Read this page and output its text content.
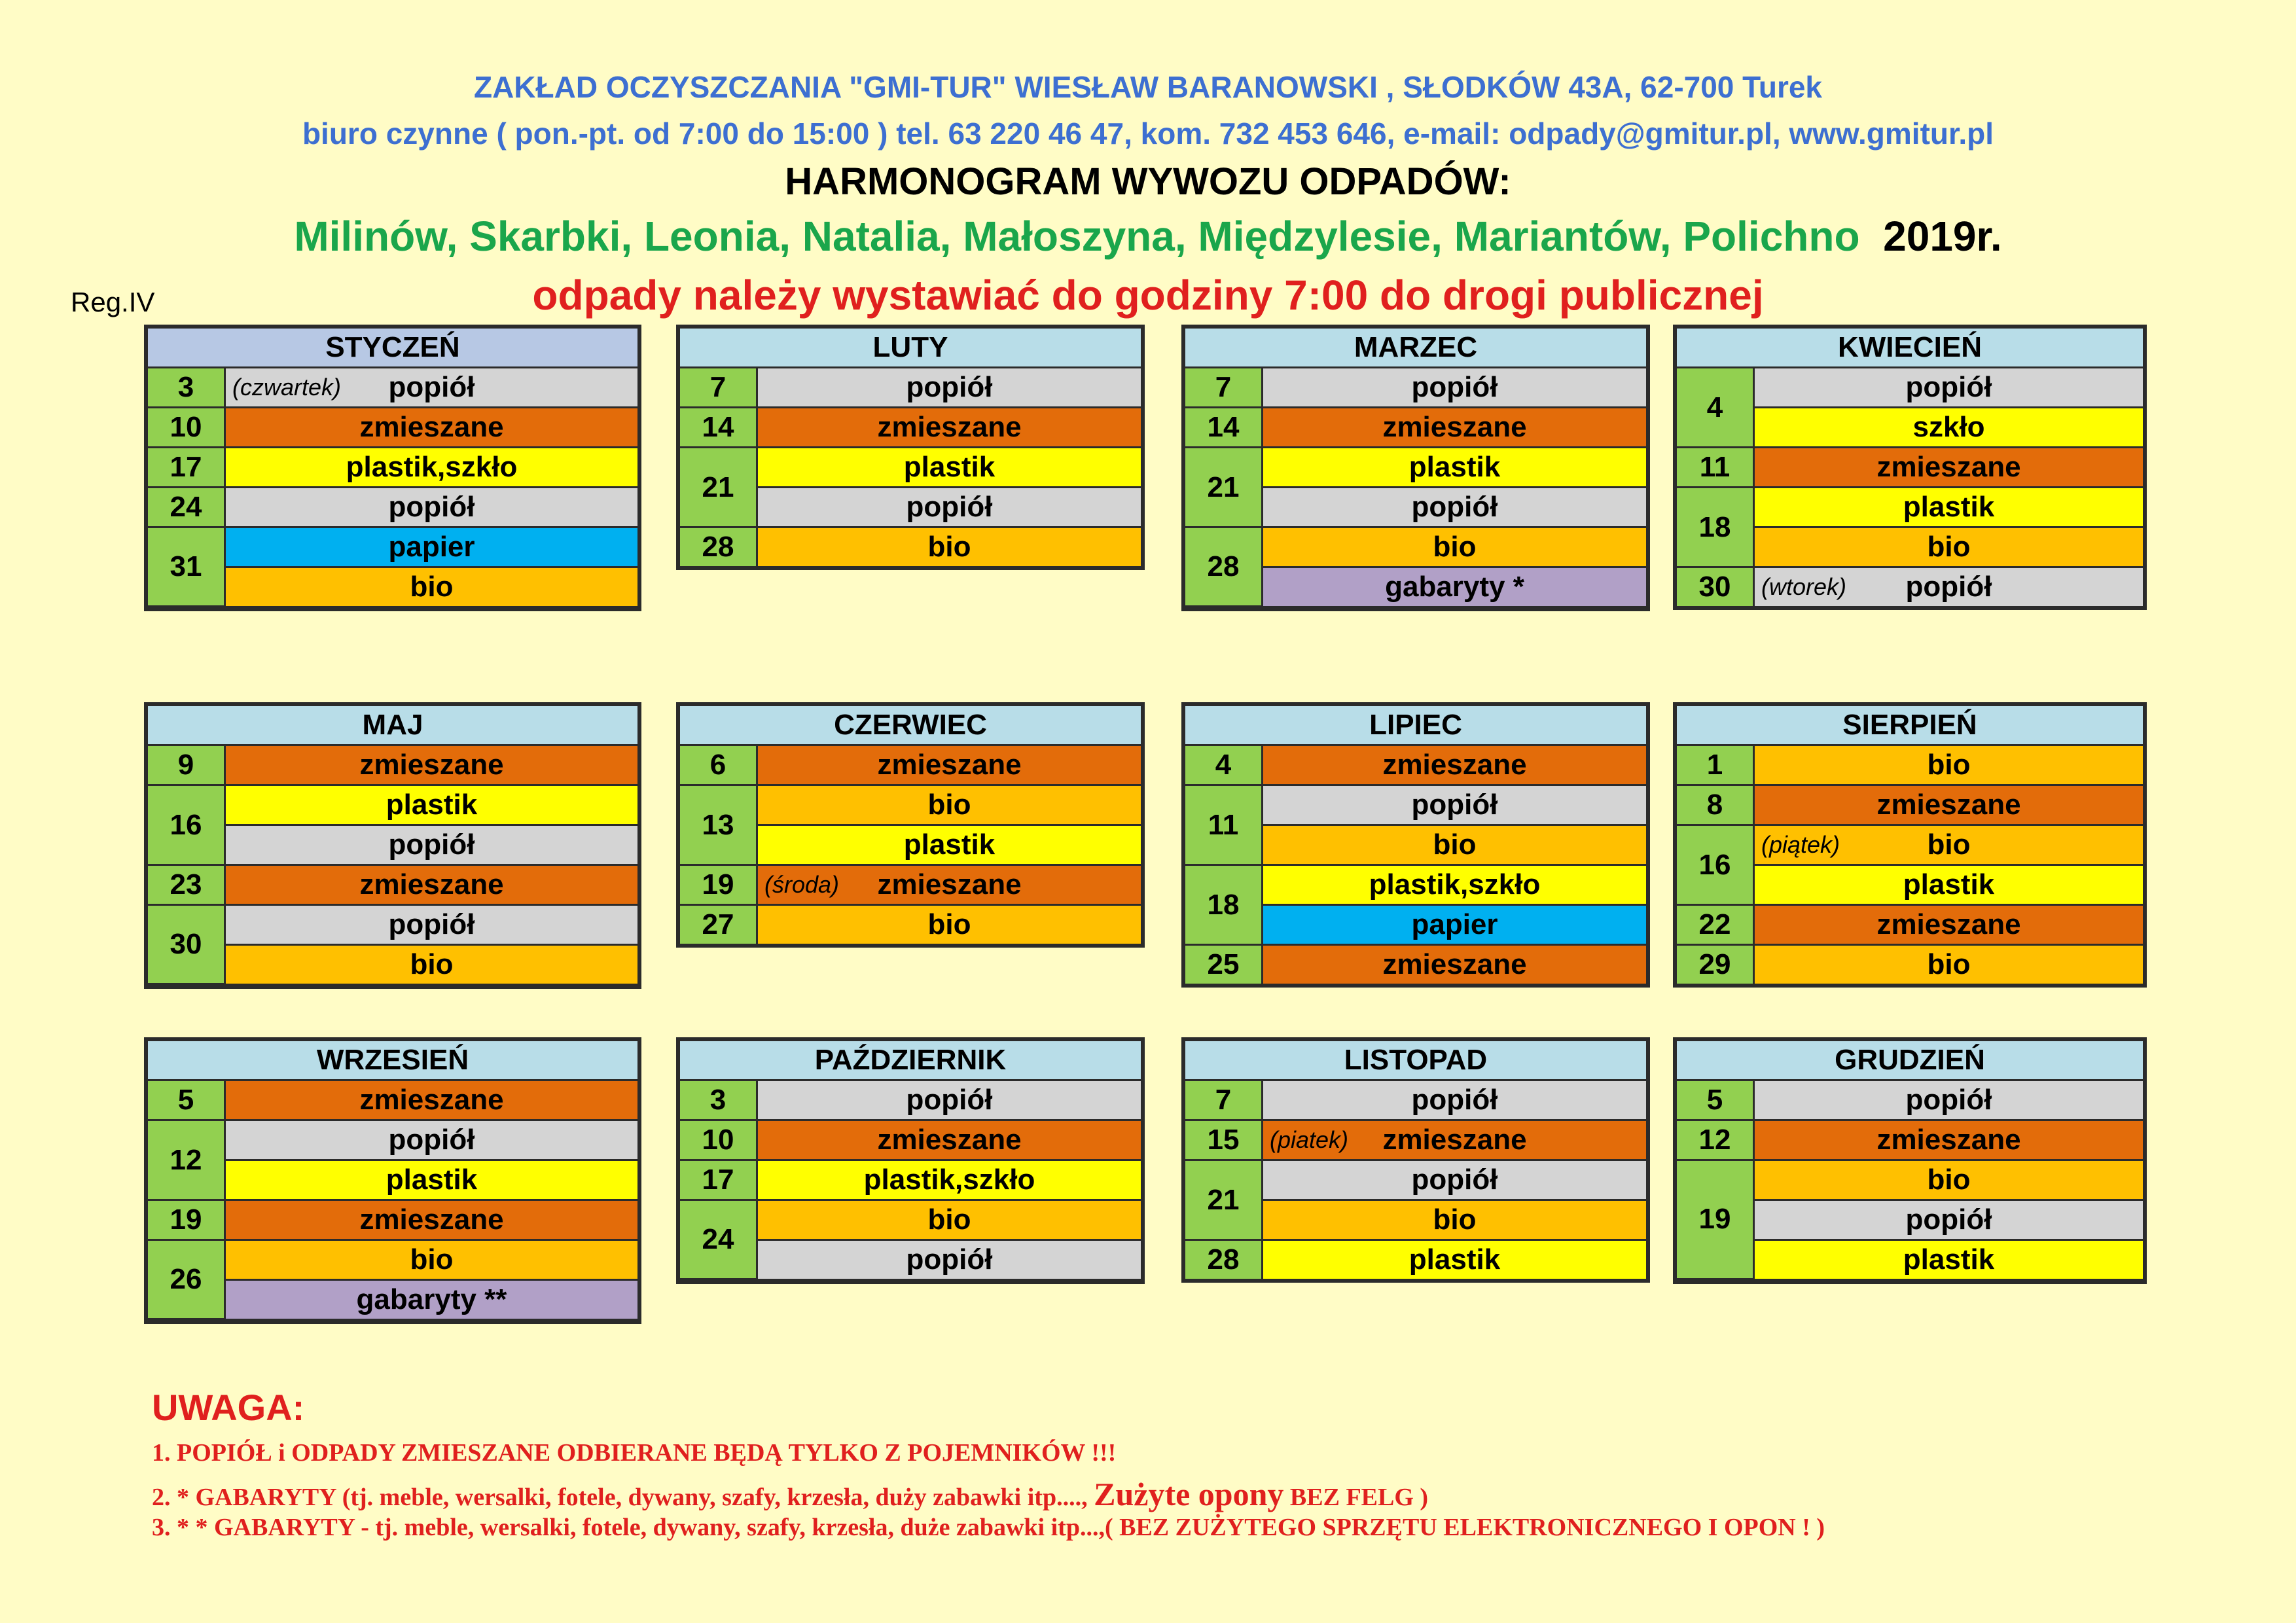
ZAKŁAD OCZYSZCZANIA "GMI-TUR" WIESŁAW BARANOWSKI , SŁODKÓW 43A, 62-700 Turek
biuro czynne ( pon.-pt. od 7:00 do 15:00 ) tel. 63 220 46 47, kom. 732 453 646, e-mail: odpady@gmitur.pl, www.gmitur.pl
HARMONOGRAM WYWOZU ODPADÓW:
Milinów, Skarbki, Leonia, Natalia, Małoszyna, Międzylesie, Mariantów, Polichno 2019r.
odpady należy wystawiać do godziny 7:00 do drogi publicznej
Reg.IV
STYCZEŃ
3	(czwartek) popiół
10	zmieszane
17	plastik,szkło
24	popiół
31	papier
	bio
LUTY
7	popiół
14	zmieszane
21	plastik
	popiół
28	bio
MARZEC
7	popiół
14	zmieszane
21	plastik
	popiół
28	bio
	gabaryty *
KWIECIEŃ
4	popiół
	szkło
11	zmieszane
18	plastik
	bio
30	(wtorek) popiół
MAJ
9	zmieszane
16	plastik
	popiół
23	zmieszane
30	popiół
	bio
CZERWIEC
6	zmieszane
13	bio
	plastik
19	(środa) zmieszane
27	bio
LIPIEC
4	zmieszane
11	popiół
	bio
18	plastik,szkło
	papier
25	zmieszane
SIERPIEŃ
1	bio
8	zmieszane
16	(piątek) bio
	plastik
22	zmieszane
29	bio
WRZESIEŃ
5	zmieszane
12	popiół
	plastik
19	zmieszane
26	bio
	gabaryty **
PAŹDZIERNIK
3	popiół
10	zmieszane
17	plastik,szkło
24	bio
	popiół
LISTOPAD
7	popiół
15	(piatek) zmieszane
21	popiół
	bio
28	plastik
GRUDZIEŃ
5	popiół
12	zmieszane
19	bio
	popiół
	plastik
UWAGA:
1. POPIÓŁ i ODPADY ZMIESZANE ODBIERANE BĘDĄ TYLKO Z POJEMNIKÓW !!!
2. * GABARYTY (tj. meble, wersalki, fotele, dywany, szafy, krzesła, duży zabawki itp...., Zużyte opony BEZ FELG )
3. * * GABARYTY - tj. meble, wersalki, fotele, dywany, szafy, krzesła, duże zabawki itp...,( BEZ ZUŻYTEGO SPRZĘTU ELEKTRONICZNEGO I OPON ! )
